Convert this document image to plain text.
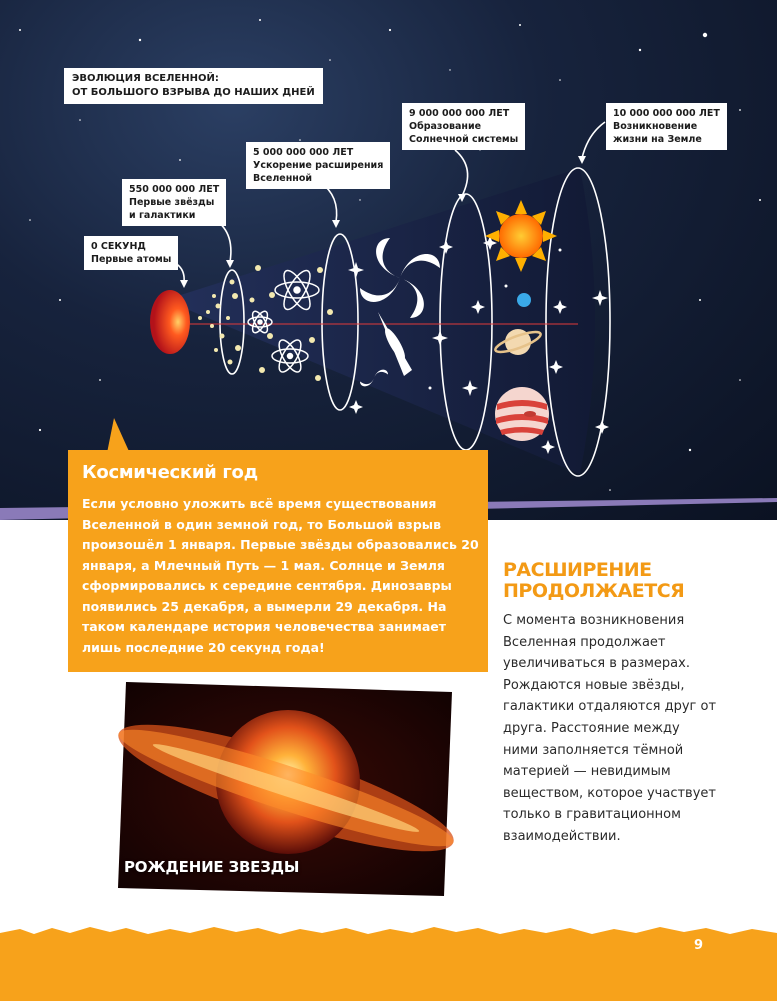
ЭВОЛЮЦИЯ ВСЕЛЕННОЙ:
ОТ БОЛЬШОГО ВЗРЫВА ДО НАШИХ ДНЕЙ
0 СЕКУНД
Первые атомы
550 000 000 ЛЕТ
Первые звёзды
и галактики
5 000 000 000 ЛЕТ
Ускорение расширения
Вселенной
9 000 000 000 ЛЕТ
Образование
Солнечной системы
10 000 000 000 ЛЕТ
Возникновение
жизни на Земле
Космический год

Если условно уложить всё время существования Вселенной в один земной год, то Большой взрыв произошёл 1 января. Первые звёзды образовались 20 января, а Млечный Путь — 1 мая. Солнце и Земля сформировались к середине сентября. Динозавры появились 25 декабря, а вымерли 29 декабря. На таком календаре история человечества занимает лишь последние 20 секунд года!

РОЖДЕНИЕ ЗВЕЗДЫ
РАСШИРЕНИЕ
ПРОДОЛЖАЕТСЯ

С момента возникновения Вселенная продолжает увеличиваться в размерах. Рождаются новые звёзды, галактики отдаляются друг от друга. Расстояние между ними заполняется тёмной материей — невидимым веществом, которое участвует только в гравитационном взаимодействии.

9
